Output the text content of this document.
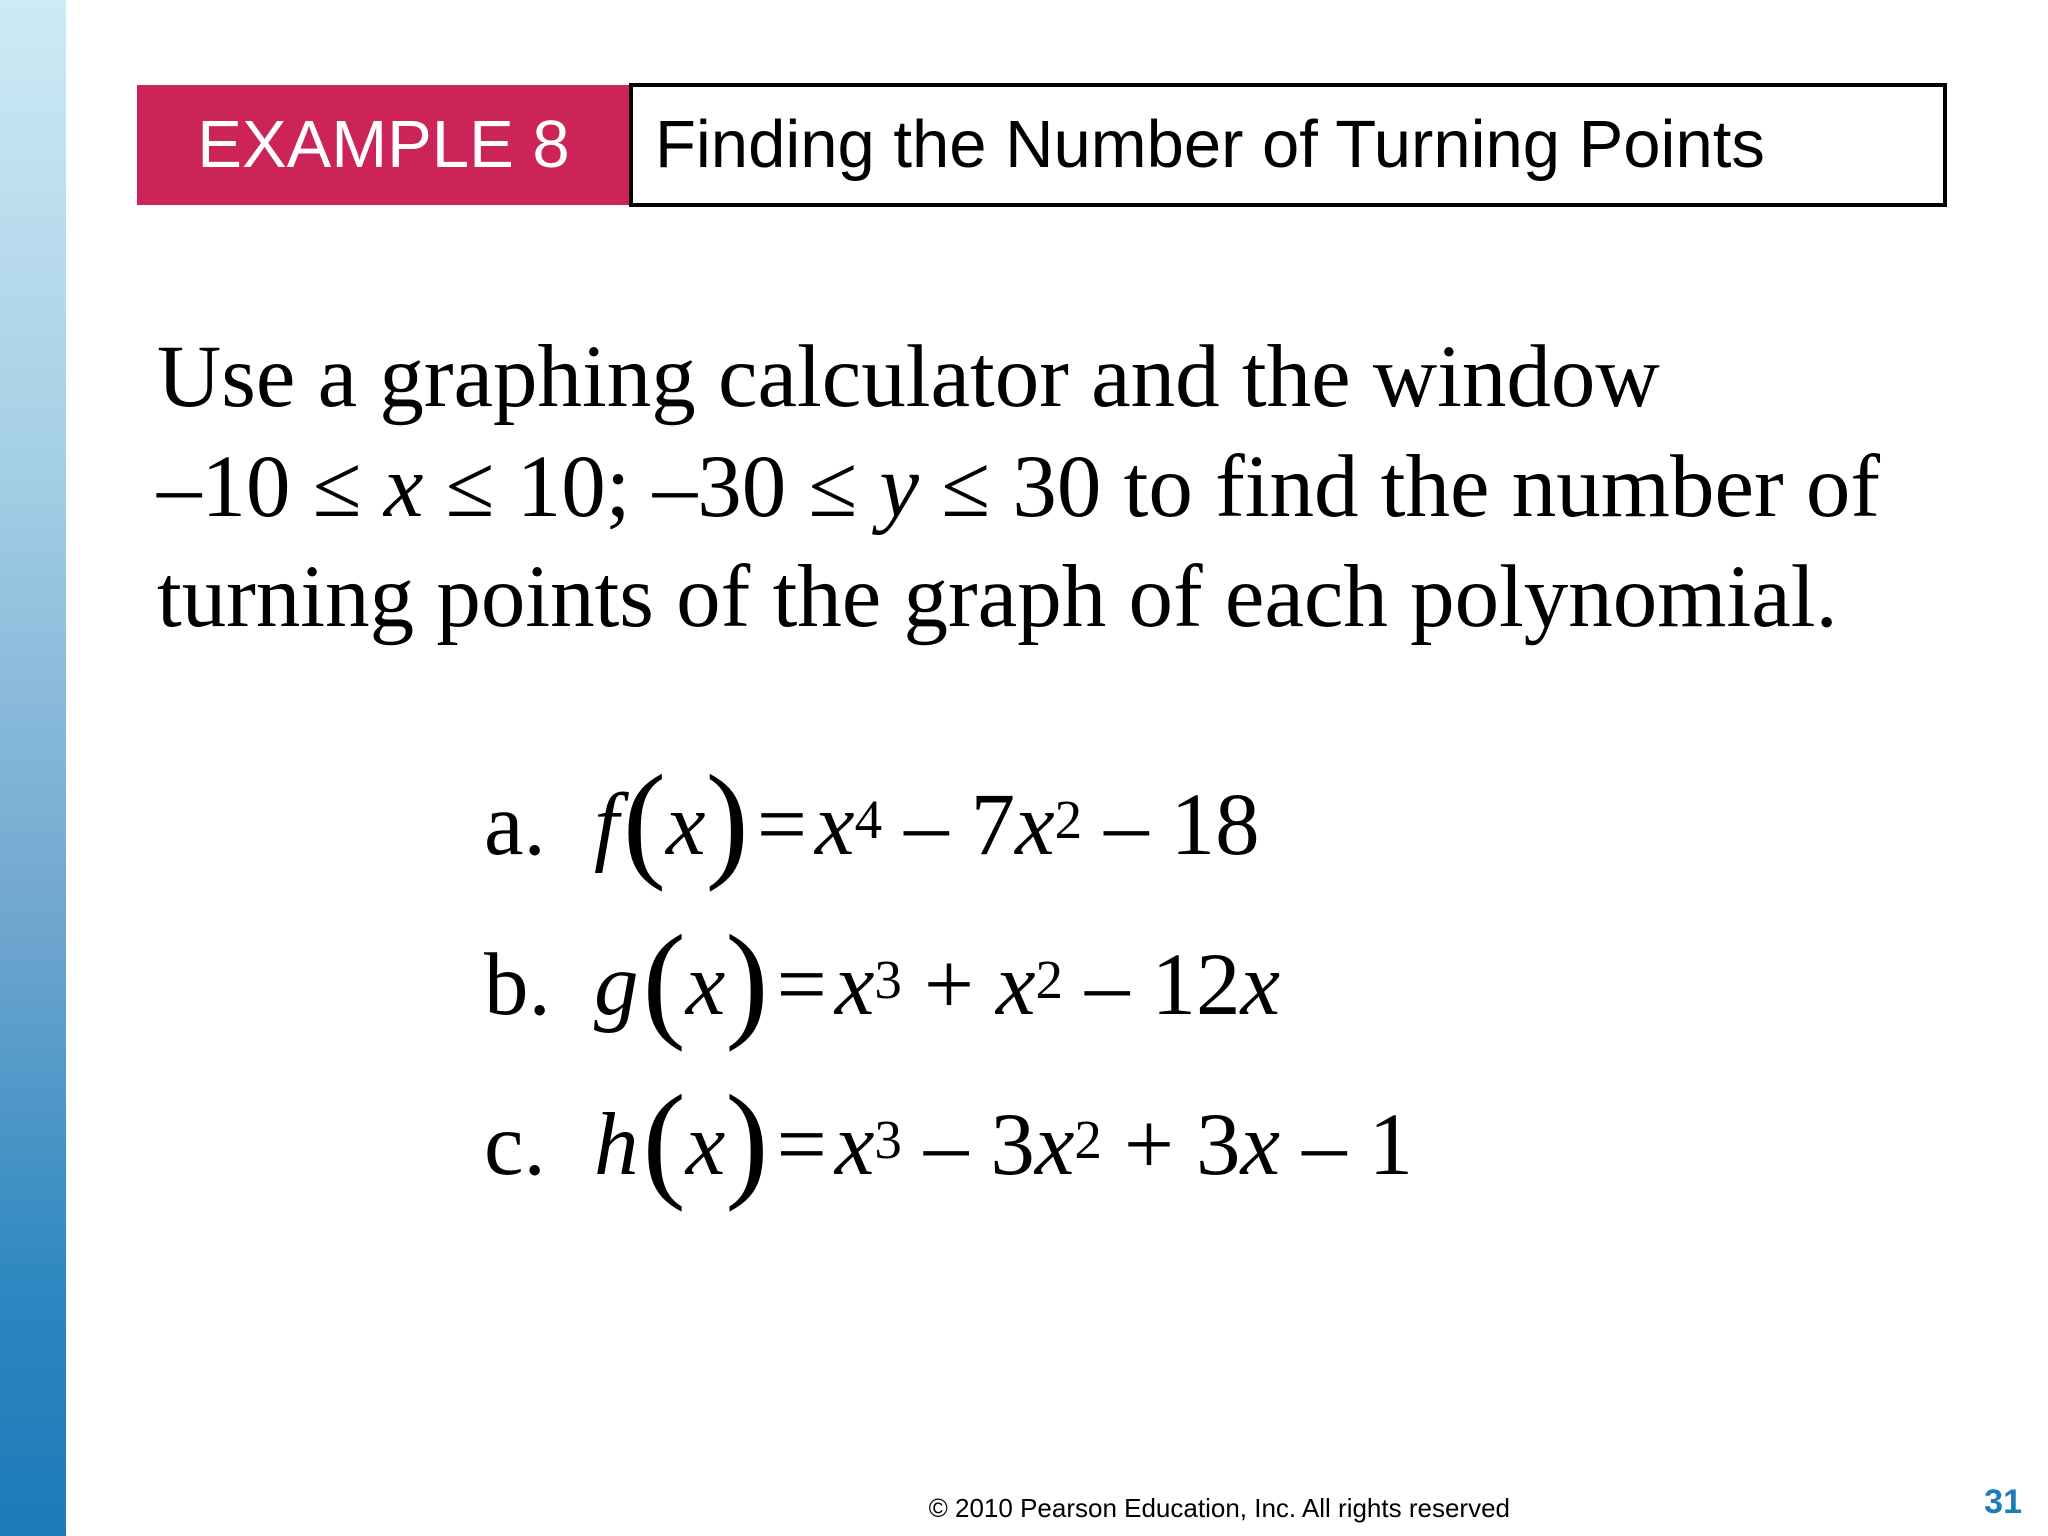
EXAMPLE 8	Finding the Number of Turning Points
Use a graphing calculator and the window
–10 ≤ x ≤ 10; –30 ≤ y ≤ 30 to find the number of
turning points of the graph of each polynomial.
a. f ( x ) = $x^4 - 7$ $x^2 - 18$
b. g ( x ) = $x^3 + x^2 - 12$ x
c. h ( x ) = $x^3 - 3$ $x^2 + 3$ x – 1
© 2010 Pearson Education, Inc. All rights reserved	31
